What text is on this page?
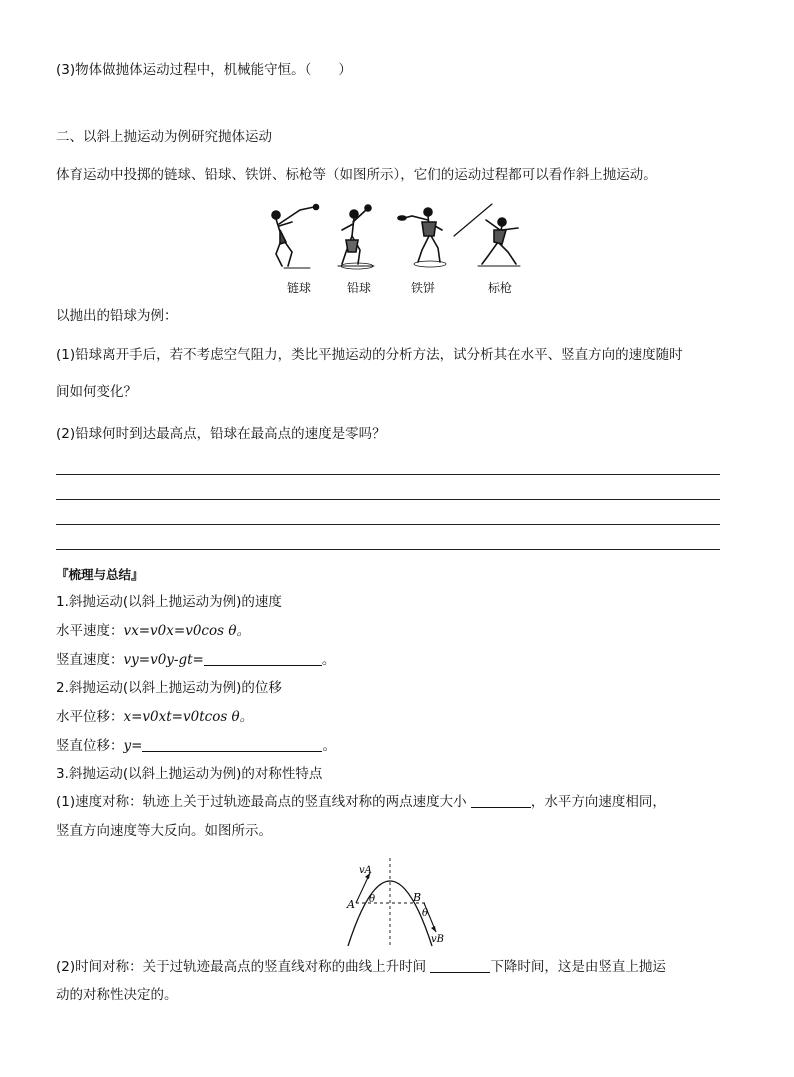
(3)物体做抛体运动过程中，机械能守恒。（　　）
二、以斜上抛运动为例研究抛体运动
体育运动中投掷的链球、铅球、铁饼、标枪等（如图所示），它们的运动过程都可以看作斜上抛运动。
链球	铅球	铁饼	标枪
以抛出的铅球为例：
(1)铅球离开手后，若不考虑空气阻力，类比平抛运动的分析方法，试分析其在水平、竖直方向的速度随时
间如何变化？
(2)铅球何时到达最高点，铅球在最高点的速度是零吗？
『梳理与总结』
1.斜抛运动(以斜上抛运动为例)的速度
水平速度：vx=v0x=v0cos θ。
竖直速度：vy=v0y-gt=	。
2.斜抛运动(以斜上抛运动为例)的位移
水平位移：x=v0xt=v0tcos θ。
竖直位移：y=	。
3.斜抛运动(以斜上抛运动为例)的对称性特点
(1)速度对称：轨迹上关于过轨迹最高点的竖直线对称的两点速度大小	，水平方向速度相同，
竖直方向速度等大反向。如图所示。
vA
A θ	B
θ
vB
(2)时间对称：关于过轨迹最高点的竖直线对称的曲线上升时间	下降时间，这是由竖直上抛运
动的对称性决定的。
